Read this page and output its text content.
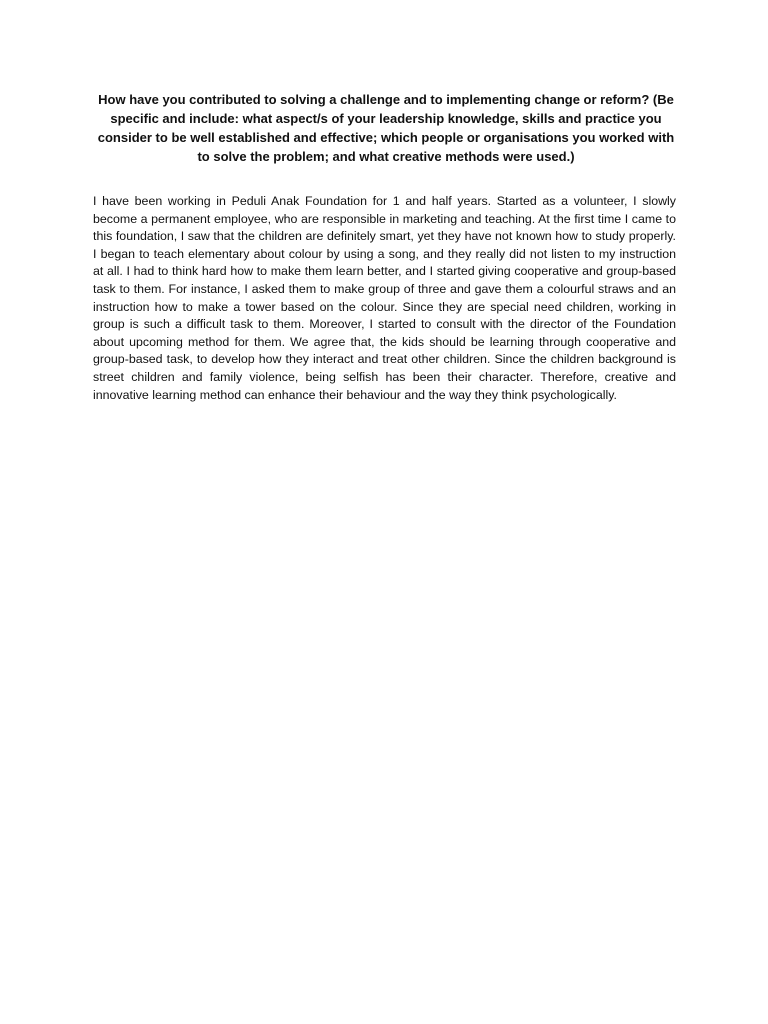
How have you contributed to solving a challenge and to implementing change or reform? (Be specific and include: what aspect/s of your leadership knowledge, skills and practice you consider to be well established and effective; which people or organisations you worked with to solve the problem; and what creative methods were used.)

I have been working in Peduli Anak Foundation for 1 and half years. Started as a volunteer, I slowly become a permanent employee, who are responsible in marketing and teaching. At the first time I came to this foundation, I saw that the children are definitely smart, yet they have not known how to study properly. I began to teach elementary about colour by using a song, and they really did not listen to my instruction at all. I had to think hard how to make them learn better, and I started giving cooperative and group-based task to them. For instance, I asked them to make group of three and gave them a colourful straws and an instruction how to make a tower based on the colour. Since they are special need children, working in group is such a difficult task to them. Moreover, I started to consult with the director of the Foundation about upcoming method for them. We agree that, the kids should be learning through cooperative and group-based task, to develop how they interact and treat other children. Since the children background is street children and family violence, being selfish has been their character. Therefore, creative and innovative learning method can enhance their behaviour and the way they think psychologically.
